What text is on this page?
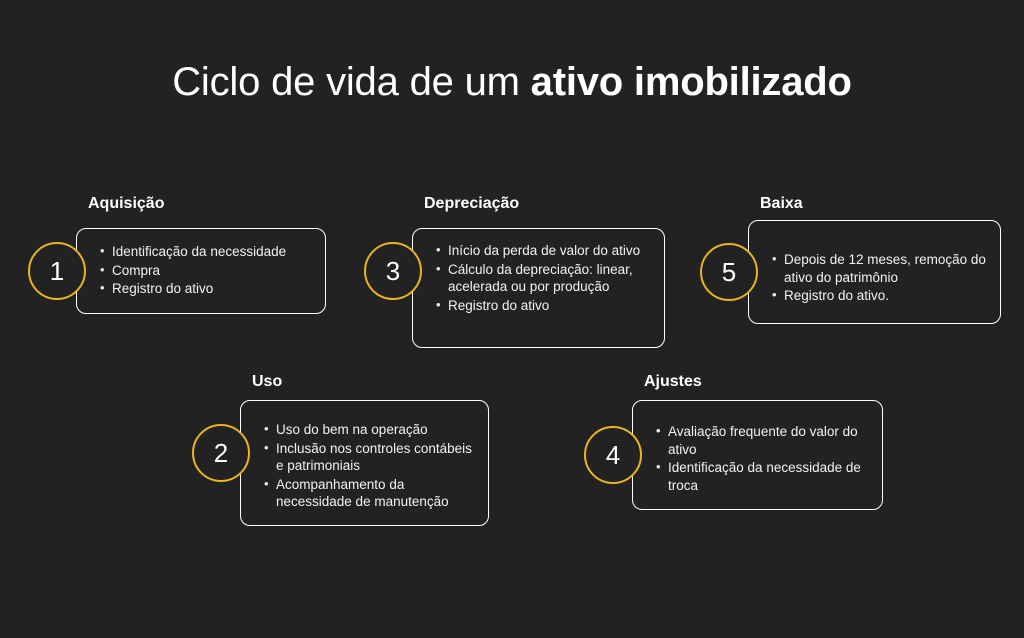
Ciclo de vida de um ativo imobilizado
Aquisição
• Identificação da necessidade
• Compra
• Registro do ativo
1
Depreciação
• Início da perda de valor do ativo
• Cálculo da depreciação: linear, acelerada ou por produção
• Registro do ativo
3
Baixa
• Depois de 12 meses, remoção do ativo do patrimônio
• Registro do ativo.
5
Uso
• Uso do bem na operação
• Inclusão nos controles contábeis e patrimoniais
• Acompanhamento da necessidade de manutenção
2
Ajustes
• Avaliação frequente do valor do ativo
• Identificação da necessidade de troca
4
